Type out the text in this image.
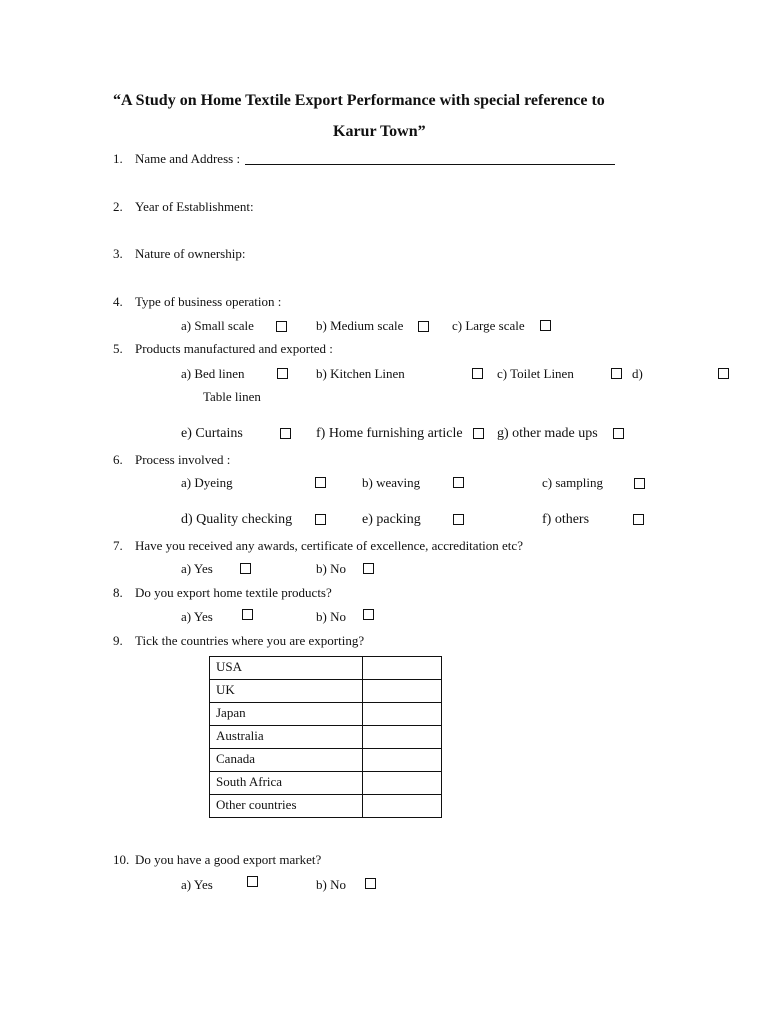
“A Study on Home Textile Export Performance with special reference to
Karur Town”
1. Name and Address :
2. Year of Establishment:
3. Nature of ownership:
4. Type of business operation :
a) Small scale	b) Medium scale	c) Large scale
5. Products manufactured and exported :
a) Bed linen	b) Kitchen Linen	c) Toilet Linen	d)
Table linen
e) Curtains	f) Home furnishing article	g) other made ups
6. Process involved :
a) Dyeing	b) weaving	c) sampling
d) Quality checking	e) packing	f) others
7. Have you received any awards, certificate of excellence, accreditation etc?
a) Yes	b) No
8. Do you export home textile products?
a) Yes	b) No
9. Tick the countries where you are exporting?
USA	
UK	
Japan	
Australia	
Canada	
South Africa	
Other countries	
10. Do you have a good export market?
a) Yes	b) No
